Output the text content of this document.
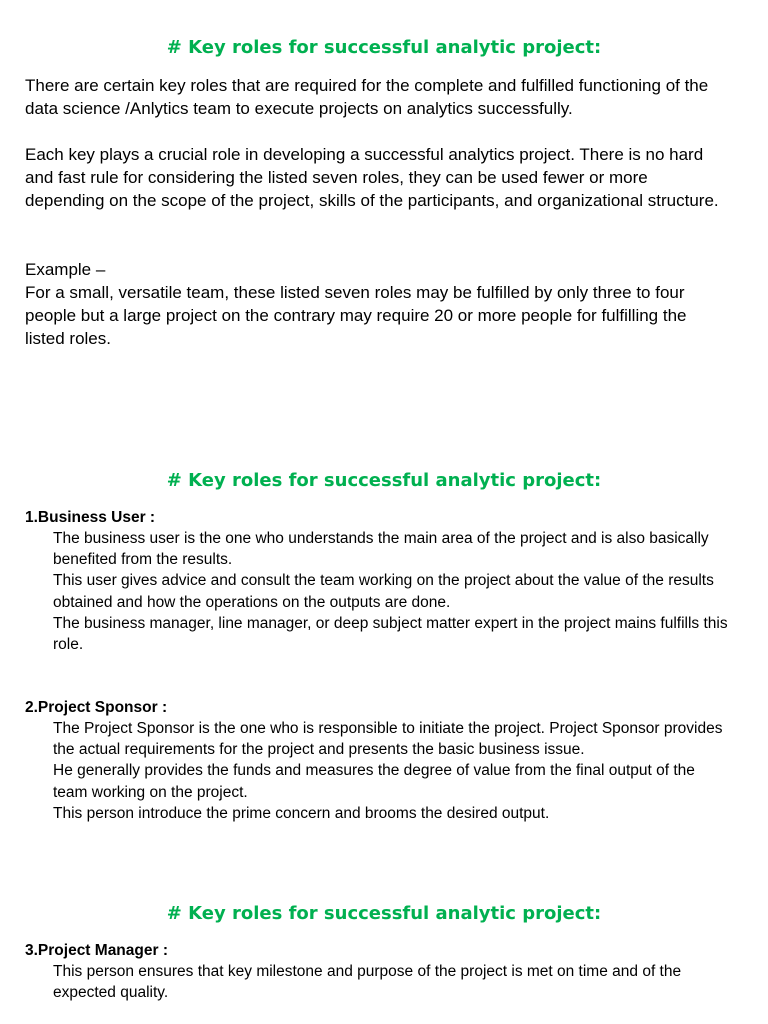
# Key roles for successful analytic project:

There are certain key roles that are required for the complete and fulfilled functioning of the data science /Anlytics team to execute projects on analytics successfully.

Each key plays a crucial role in developing a successful analytics project. There is no hard and fast rule for considering the listed seven roles, they can be used fewer or more depending on the scope of the project, skills of the participants, and organizational structure.

Example –

For a small, versatile team, these listed seven roles may be fulfilled by only three to four people but a large project on the contrary may require 20 or more people for fulfilling the listed roles.

# Key roles for successful analytic project:
1.Business User :

The business user is the one who understands the main area of the project and is also basically benefited from the results.

This user gives advice and consult the team working on the project about the value of the results obtained and how the operations on the outputs are done.

The business manager, line manager, or deep subject matter expert in the project mains fulfills this role.

2.Project Sponsor :

The Project Sponsor is the one who is responsible to initiate the project. Project Sponsor provides the actual requirements for the project and presents the basic business issue.

He generally provides the funds and measures the degree of value from the final output of the team working on the project.

This person introduce the prime concern and brooms the desired output.

# Key roles for successful analytic project:
3.Project Manager :

This person ensures that key milestone and purpose of the project is met on time and of the expected quality.
